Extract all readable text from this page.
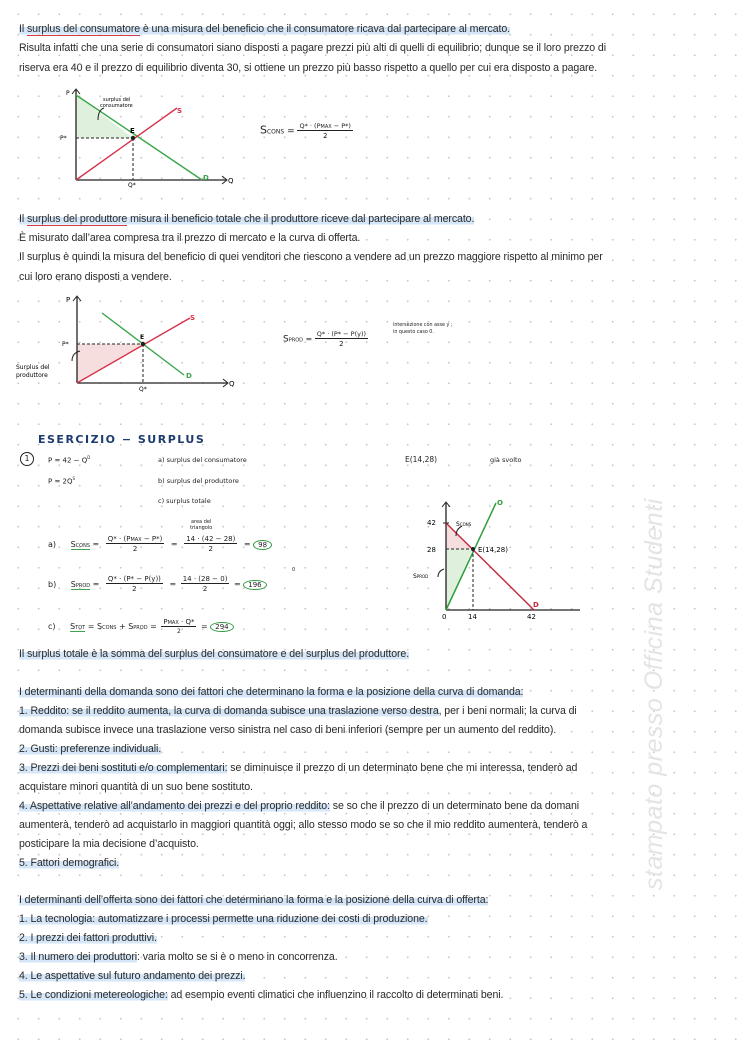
stampato presso Officina Studenti
Il surplus del consumatore è una misura del beneficio che il consumatore ricava dal partecipare al mercato.
Risulta infatti che una serie di consumatori siano disposti a pagare prezzi più alti di quelli di equilibrio; dunque se il loro prezzo di
riserva era 40 e il prezzo di equilibrio diventa 30, si ottiene un prezzo più basso rispetto a quello per cui era disposto a pagare.
P
Q
P*
Q*
E
S
D
surplus del
consumatore
SCONS = $\frac{\text{Q* · (PMAX − P*)}}{2}$
Il surplus del produttore misura il beneficio totale che il produttore riceve dal partecipare al mercato.
È misurato dall’area compresa tra il prezzo di mercato e la curva di offerta.
Il surplus è quindi la misura del beneficio di quei venditori che riescono a vendere ad un prezzo maggiore rispetto al minimo per
cui loro erano disposti a vendere.
P
Q
P*
Q*
E
S
D
Surplus del
produttore
SPROD = $\frac{Q* \cdot (P* - P(y))}{2}$
intersezione con asse y ;
in questo caso 0.
ESERCIZIO − SURPLUS
1	$P = 42 - Q^D$
$P = 2Q^S$
a) surplus del consumatore
b) surplus del produttore
c) surplus totale
E(14,28)	già svolto
area del
triangolo
a) SCONS = $\frac{\text{Q* · (PMAX − P*)}}{2} = \frac{14 \cdot (42 - 28)}{2} = 98$
0
b) SPROD = $\frac{Q* \cdot (P* - P(y))}{2} = \frac{14 \cdot (28 - 0)}{2} = 196$
c) STOT = SCONS + SPROD = $\frac{\text{PMAX · Q*}}{2} = 294$
42
28
0	14	42
E(14,28)
O
D
SCONS
SPROD
Il surplus totale è la somma del surplus del consumatore e del surplus del produttore.
I determinanti della domanda sono dei fattori che determinano la forma e la posizione della curva di domanda:
1. Reddito: se il reddito aumenta, la curva di domanda subisce una traslazione verso destra, per i beni normali; la curva di
domanda subisce invece una traslazione verso sinistra nel caso di beni inferiori (sempre per un aumento del reddito).
2. Gusti: preferenze individuali.
3. Prezzi dei beni sostituti e/o complementari: se diminuisce il prezzo di un determinato bene che mi interessa, tenderò ad
acquistare minori quantità di un suo bene sostituto.
4. Aspettative relative all’andamento dei prezzi e del proprio reddito: se so che il prezzo di un determinato bene da domani
aumenterà, tenderò ad acquistarlo in maggiori quantità oggi; allo stesso modo se so che il mio reddito aumenterà, tenderò a
posticipare la mia decisione d’acquisto.
5. Fattori demografici.
I determinanti dell’offerta sono dei fattori che determinano la forma e la posizione della curva di offerta:
1. La tecnologia: automatizzare i processi permette una riduzione dei costi di produzione.
2. I prezzi dei fattori produttivi.
3. Il numero dei produttori: varia molto se si è o meno in concorrenza.
4. Le aspettative sul futuro andamento dei prezzi.
5. Le condizioni metereologiche: ad esempio eventi climatici che influenzino il raccolto di determinati beni.
